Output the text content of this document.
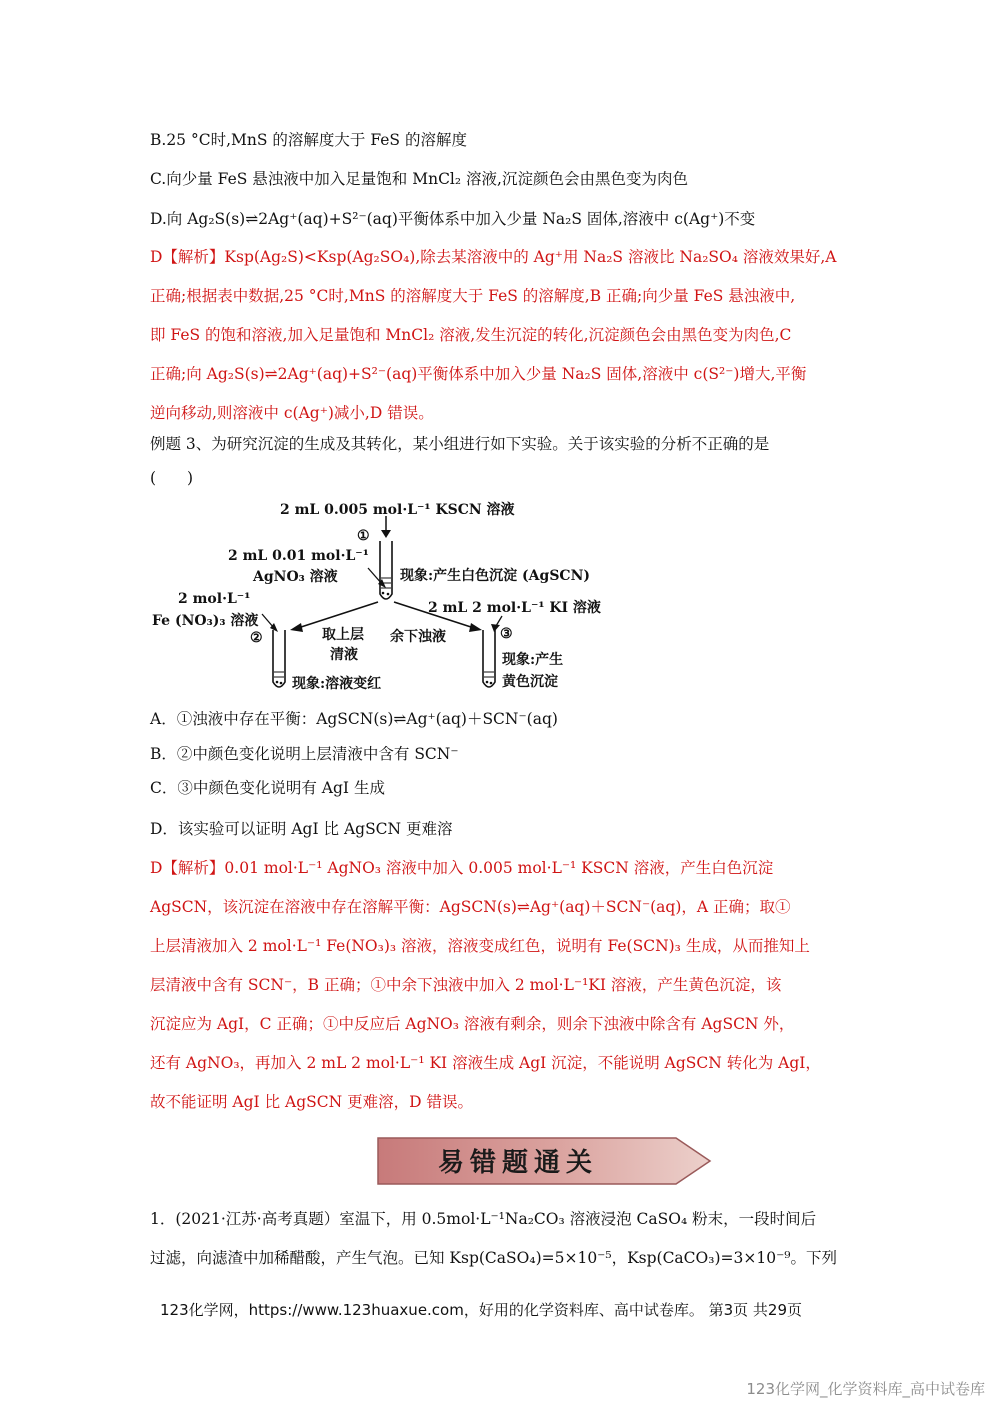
B.25 °C时,MnS 的溶解度大于 FeS 的溶解度
C.向少量 FeS 悬浊液中加入足量饱和 MnCl₂ 溶液,沉淀颜色会由黑色变为肉色
D.向 Ag₂S(s)⇌2Ag⁺(aq)+S²⁻(aq)平衡体系中加入少量 Na₂S 固体,溶液中 c(Ag⁺)不变
D【解析】Ksp(Ag₂S)<Ksp(Ag₂SO₄),除去某溶液中的 Ag⁺用 Na₂S 溶液比 Na₂SO₄ 溶液效果好,A
正确;根据表中数据,25 °C时,MnS 的溶解度大于 FeS 的溶解度,B 正确;向少量 FeS 悬浊液中,
即 FeS 的饱和溶液,加入足量饱和 MnCl₂ 溶液,发生沉淀的转化,沉淀颜色会由黑色变为肉色,C
正确;向 Ag₂S(s)⇌2Ag⁺(aq)+S²⁻(aq)平衡体系中加入少量 Na₂S 固体,溶液中 c(S²⁻)增大,平衡
逆向移动,则溶液中 c(Ag⁺)减小,D 错误。
例题 3、为研究沉淀的生成及其转化，某小组进行如下实验。关于该实验的分析不正确的是
(　　)
2 mL 0.005 mol·L⁻¹ KSCN 溶液
①
2 mL 0.01 mol·L⁻¹
AgNO₃ 溶液	现象:产生白色沉淀 (AgSCN)
2 mol·L⁻¹
Fe (NO₃)₃ 溶液
②	取上层
清液
2 mL 2 mol·L⁻¹ KI 溶液
余下浊液	③
现象:溶液变红
现象:产生
黄色沉淀
A．①浊液中存在平衡：AgSCN(s)⇌Ag⁺(aq)＋SCN⁻(aq)
B．②中颜色变化说明上层清液中含有 SCN⁻
C．③中颜色变化说明有 AgI 生成
D．该实验可以证明 AgI 比 AgSCN 更难溶
D【解析】0.01 mol·L⁻¹ AgNO₃ 溶液中加入 0.005 mol·L⁻¹ KSCN 溶液，产生白色沉淀
AgSCN，该沉淀在溶液中存在溶解平衡：AgSCN(s)⇌Ag⁺(aq)＋SCN⁻(aq)，A 正确；取①
上层清液加入 2 mol·L⁻¹ Fe(NO₃)₃ 溶液，溶液变成红色，说明有 Fe(SCN)₃ 生成，从而推知上
层清液中含有 SCN⁻，B 正确；①中余下浊液中加入 2 mol·L⁻¹KI 溶液，产生黄色沉淀，该
沉淀应为 AgI，C 正确；①中反应后 AgNO₃ 溶液有剩余，则余下浊液中除含有 AgSCN 外，
还有 AgNO₃，再加入 2 mL 2 mol·L⁻¹ KI 溶液生成 AgI 沉淀，不能说明 AgSCN 转化为 AgI，
故不能证明 AgI 比 AgSCN 更难溶，D 错误。
易错题通关
1．(2021·江苏·高考真题）室温下，用 0.5mol·L⁻¹Na₂CO₃ 溶液浸泡 CaSO₄ 粉末，一段时间后
过滤，向滤渣中加稀醋酸，产生气泡。已知 Ksp(CaSO₄)=5×10⁻⁵，Ksp(CaCO₃)=3×10⁻⁹。下列
123化学网，https://www.123huaxue.com，好用的化学资料库、高中试卷库。 第3页 共29页
123化学网_化学资料库_高中试卷库
